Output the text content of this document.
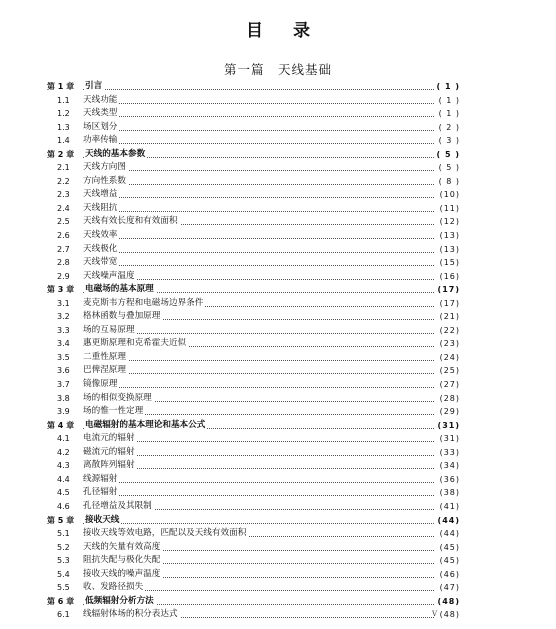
目录
第一篇　天线基础
第 1 章 引言	( 1 )
1.1 天线功能	( 1 )
1.2 天线类型	( 1 )
1.3 场区划分	( 2 )
1.4 功率传输	( 3 )
第 2 章 天线的基本参数	( 5 )
2.1 天线方向图	( 5 )
2.2 方向性系数	( 8 )
2.3 天线增益	(10)
2.4 天线阻抗	(11)
2.5 天线有效长度和有效面积	(12)
2.6 天线效率	(13)
2.7 天线极化	(13)
2.8 天线带宽	(15)
2.9 天线噪声温度	(16)
第 3 章 电磁场的基本原理	(17)
3.1 麦克斯韦方程和电磁场边界条件	(17)
3.2 格林函数与叠加原理	(21)
3.3 场的互易原理	(22)
3.4 惠更斯原理和克希霍夫近似	(23)
3.5 二重性原理	(24)
3.6 巴俾涅原理	(25)
3.7 镜像原理	(27)
3.8 场的相似变换原理	(28)
3.9 场的惟一性定理	(29)
第 4 章 电磁辐射的基本理论和基本公式	(31)
4.1 电流元的辐射	(31)
4.2 磁流元的辐射	(33)
4.3 离散阵列辐射	(34)
4.4 线源辐射	(36)
4.5 孔径辐射	(38)
4.6 孔径增益及其限制	(41)
第 5 章 接收天线	(44)
5.1 接收天线等效电路，匹配以及天线有效面积	(44)
5.2 天线的矢量有效高度	(45)
5.3 阻抗失配与极化失配	(45)
5.4 接收天线的噪声温度	(46)
5.5 收、发路径损失	(47)
第 6 章 低频辐射分析方法	(48)
6.1 线辐射体场的积分表达式	(48)
V
